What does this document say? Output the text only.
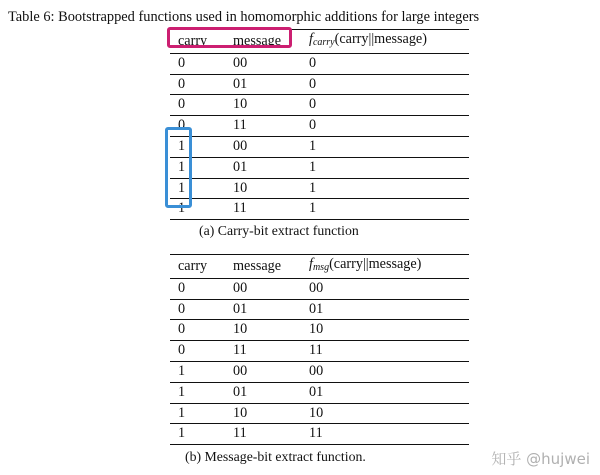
Table 6: Bootstrapped functions used in homomorphic additions for large integers
carry	message	$f_{carry}(carry||message)$
0	00	0
0	01	0
0	10	0
0	11	0
1	00	1
1	01	1
1	10	1
1	11	1
(a) Carry-bit extract function
carry	message	$f_{msg}(carry||message)$
0	00	00
0	01	01
0	10	10
0	11	11
1	00	00
1	01	01
1	10	10
1	11	11
(b) Message-bit extract function.	知乎 @hujwei
